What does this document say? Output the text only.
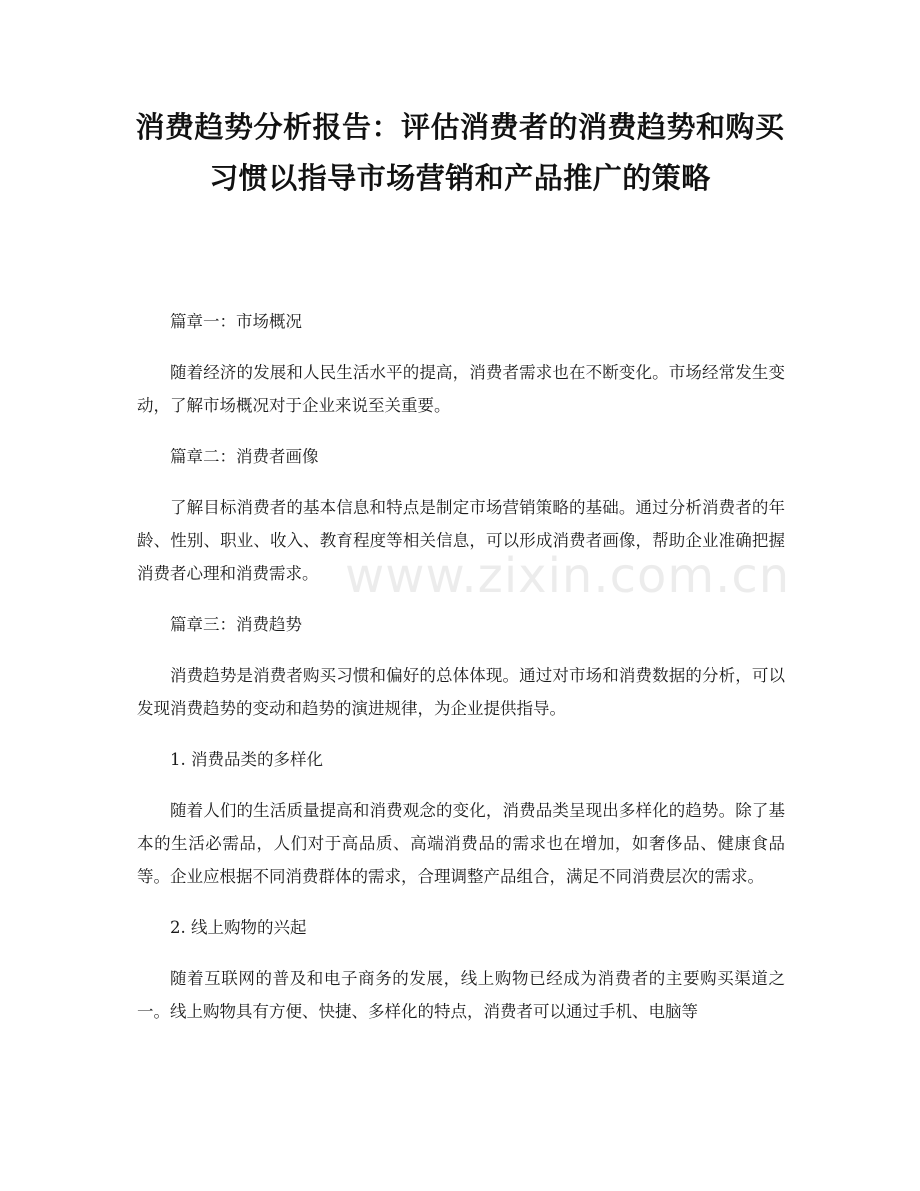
消费趋势分析报告：评估消费者的消费趋势和购买习惯以指导市场营销和产品推广的策略

篇章一：市场概况

随着经济的发展和人民生活水平的提高，消费者需求也在不断变化。市场经常发生变动，了解市场概况对于企业来说至关重要。

篇章二：消费者画像

了解目标消费者的基本信息和特点是制定市场营销策略的基础。通过分析消费者的年龄、性别、职业、收入、教育程度等相关信息，可以形成消费者画像，帮助企业准确把握消费者心理和消费需求。

篇章三：消费趋势

消费趋势是消费者购买习惯和偏好的总体体现。通过对市场和消费数据的分析，可以发现消费趋势的变动和趋势的演进规律，为企业提供指导。

1. 消费品类的多样化

随着人们的生活质量提高和消费观念的变化，消费品类呈现出多样化的趋势。除了基本的生活必需品，人们对于高品质、高端消费品的需求也在增加，如奢侈品、健康食品等。企业应根据不同消费群体的需求，合理调整产品组合，满足不同消费层次的需求。

2. 线上购物的兴起

随着互联网的普及和电子商务的发展，线上购物已经成为消费者的主要购买渠道之一。线上购物具有方便、快捷、多样化的特点，消费者可以通过手机、电脑等

www.zixin.com.cn
